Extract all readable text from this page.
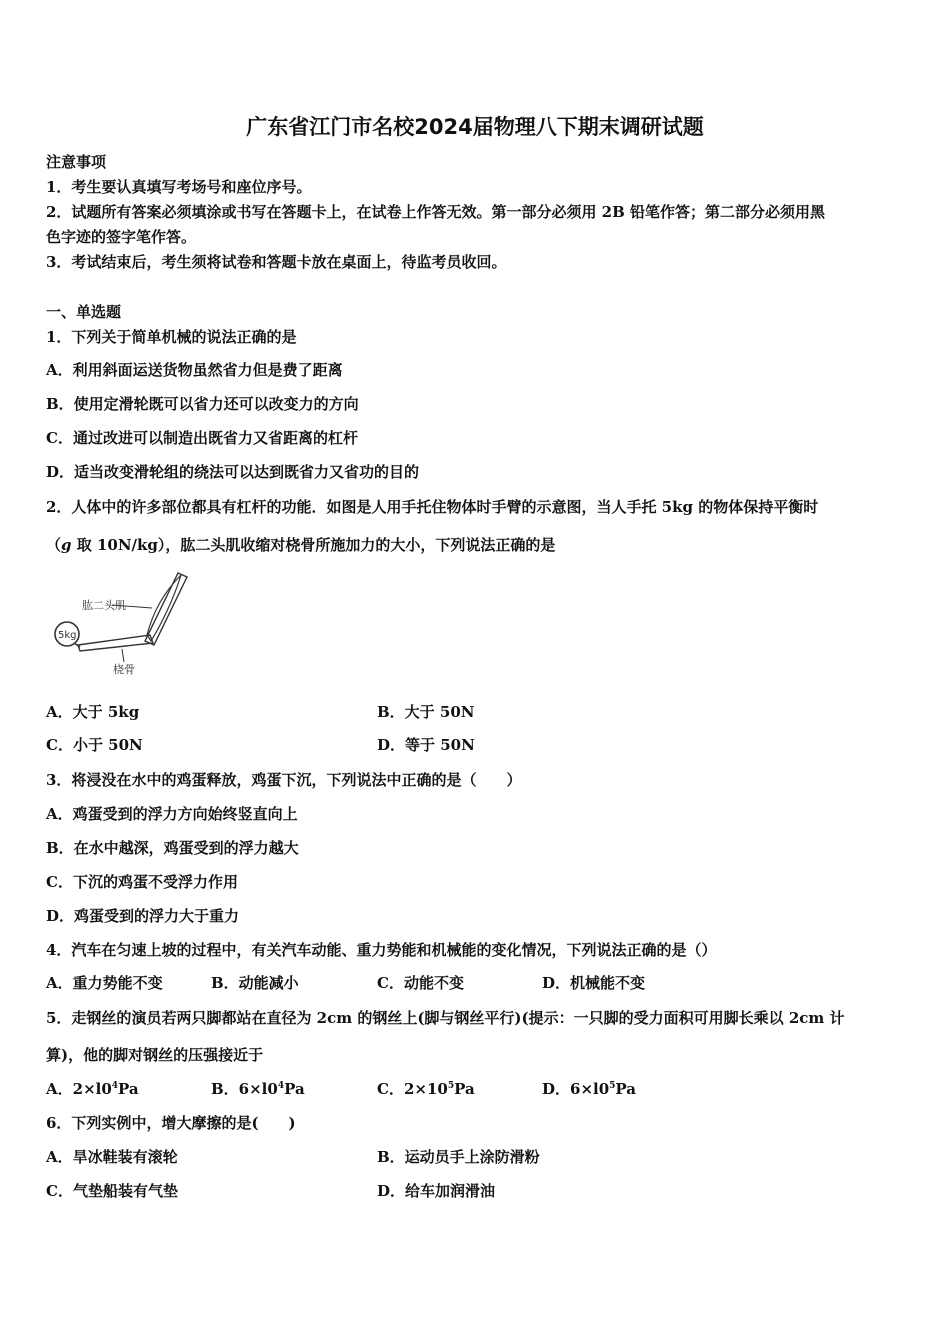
广东省江门市名校2024届物理八下期末调研试题
注意事项
1．考生要认真填写考场号和座位序号。
2．试题所有答案必须填涂或书写在答题卡上，在试卷上作答无效。第一部分必须用 2B 铅笔作答；第二部分必须用黑
色字迹的签字笔作答。
3．考试结束后，考生须将试卷和答题卡放在桌面上，待监考员收回。
一、单选题
1．下列关于简单机械的说法正确的是
A．利用斜面运送货物虽然省力但是费了距离
B．使用定滑轮既可以省力还可以改变力的方向
C．通过改进可以制造出既省力又省距离的杠杆
D．适当改变滑轮组的绕法可以达到既省力又省功的目的
2．人体中的许多部位都具有杠杆的功能．如图是人用手托住物体时手臂的示意图，当人手托 5kg 的物体保持平衡时
（g 取 10N/kg），肱二头肌收缩对桡骨所施加力的大小，下列说法正确的是
肱二头肌
5kg
桡骨
A．大于 5kg	B．大于 50N
C．小于 50N	D．等于 50N
3．将浸没在水中的鸡蛋释放，鸡蛋下沉，下列说法中正确的是（　　）
A．鸡蛋受到的浮力方向始终竖直向上
B．在水中越深，鸡蛋受到的浮力越大
C．下沉的鸡蛋不受浮力作用
D．鸡蛋受到的浮力大于重力
4．汽车在匀速上坡的过程中，有关汽车动能、重力势能和机械能的变化情况，下列说法正确的是（）
A．重力势能不变	B．动能减小	C．动能不变	D．机械能不变
5．走钢丝的演员若两只脚都站在直径为 2cm 的钢丝上(脚与钢丝平行)(提示：一只脚的受力面积可用脚长乘以 2cm 计
算)，他的脚对钢丝的压强接近于
A．$2\times l0^4Pa$	B．$6\times l0^4Pa$	C．$2\times 10^5Pa$	D．$6\times l0^5Pa$
6．下列实例中，增大摩擦的是(　　)
A．旱冰鞋装有滚轮	B．运动员手上涂防滑粉
C．气垫船装有气垫	D．给车加润滑油
